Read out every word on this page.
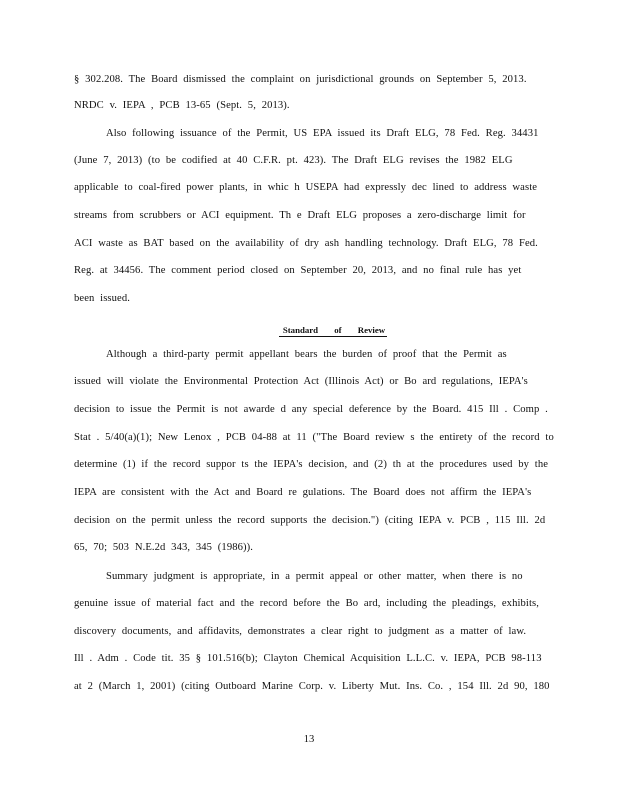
§ 302.208. The Board dismissed the complaint on jurisdictional grounds on September 5, 2013.
NRDC v. IEPA , PCB 13-65 (Sept. 5, 2013).
Also following issuance of the Permit, US EPA issued its Draft ELG, 78 Fed. Reg. 34431
(June 7, 2013) (to be codified at 40 C.F.R. pt. 423). The Draft ELG revises the 1982 ELG
applicable to coal-fired power plants, in whic h USEPA had expressly dec lined to address waste
streams from scrubbers or ACI equipment. Th e Draft ELG proposes a zero-discharge limit for
ACI waste as BAT based on the availability of dry ash handling technology. Draft ELG, 78 Fed.
Reg. at 34456. The comment period closed on September 20, 2013, and no final rule has yet
been issued.
Standard of Review
Although a third-party permit appellant bears the burden of proof that the Permit as
issued will violate the Environmental Protection Act (Illinois Act) or Bo ard regulations, IEPA's
decision to issue the Permit is not awarde d any special deference by the Board. 415 Ill . Comp .
Stat . 5/40(a)(1); New Lenox , PCB 04-88 at 11 ("The Board review s the entirety of the record to
determine (1) if the record suppor ts the IEPA's decision, and (2) th at the procedures used by the
IEPA are consistent with the Act and Board re gulations. The Board does not affirm the IEPA's
decision on the permit unless the record supports the decision.") (citing IEPA v. PCB , 115 Ill. 2d
65, 70; 503 N.E.2d 343, 345 (1986)).
Summary judgment is appropriate, in a permit appeal or other matter, when there is no
genuine issue of material fact and the record before the Bo ard, including the pleadings, exhibits,
discovery documents, and affidavits, demonstrates a clear right to judgment as a matter of law.
Ill . Adm . Code tit. 35 § 101.516(b); Clayton Chemical Acquisition L.L.C. v. IEPA, PCB 98-113
at 2 (March 1, 2001) (citing Outboard Marine Corp. v. Liberty Mut. Ins. Co. , 154 Ill. 2d 90, 180
13
